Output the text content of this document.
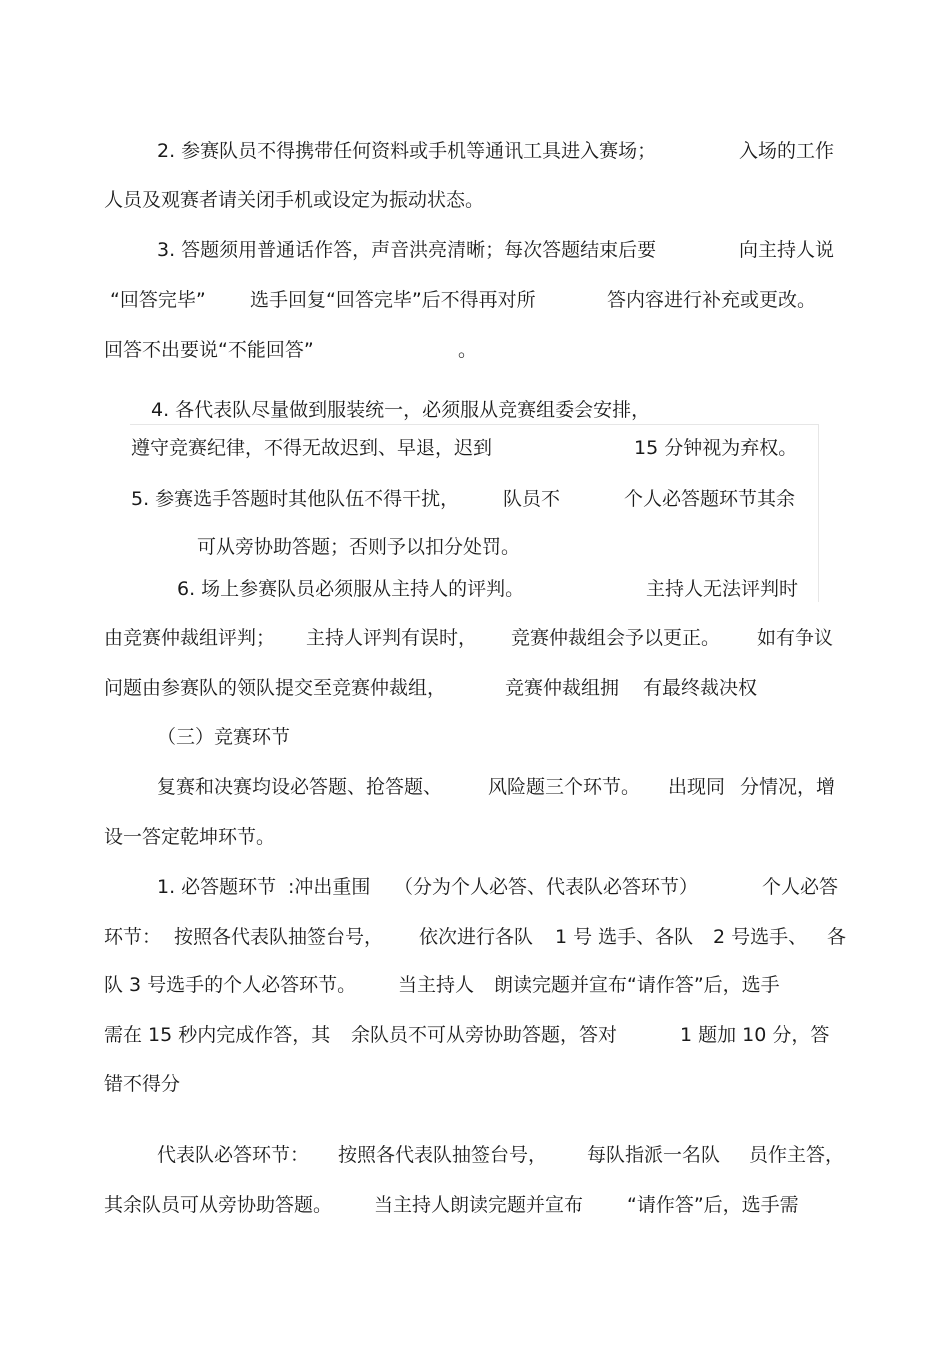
2. 参赛队员不得携带任何资料或手机等通讯工具进入赛场；	入场的工作
人员及观赛者请关闭手机或设定为振动状态。
3. 答题须用普通话作答，声音洪亮清晰；每次答题结束后要	向主持人说
“回答完毕” 选手回复“回答完毕”后不得再对所	答内容进行补充或更改。
回答不出要说“不能回答”	。
4. 各代表队尽量做到服装统一，必须服从竞赛组委会安排，
遵守竞赛纪律，不得无故迟到、早退，迟到	15 分钟视为弃权。
5. 参赛选手答题时其他队伍不得干扰， 队员不	个人必答题环节其余
可从旁协助答题；否则予以扣分处罚。
6. 场上参赛队员必须服从主持人的评判。	主持人无法评判时
由竞赛仲裁组评判； 主持人评判有误时， 竞赛仲裁组会予以更正。 如有争议
问题由参赛队的领队提交至竞赛仲裁组，	竞赛仲裁组拥 有最终裁决权
（三）竞赛环节
复赛和决赛均设必答题、抢答题、 风险题三个环节。 出现同 分情况，增
设一答定乾坤环节。
1. 必答题环节 :冲出重围 （分为个人必答、代表队必答环节）	个人必答
环节： 按照各代表队抽签台号， 依次进行各队 1 号 选手、各队 2 号选手、 各
队 3 号选手的个人必答环节。 当主持人 朗读完题并宣布“请作答”后，选手
需在 15 秒内完成作答，其 余队员不可从旁协助答题，答对	1 题加 10 分，答
错不得分
代表队必答环节： 按照各代表队抽签台号， 每队指派一名队 员作主答，
其余队员可从旁协助答题。 当主持人朗读完题并宣布 “请作答”后，选手需
